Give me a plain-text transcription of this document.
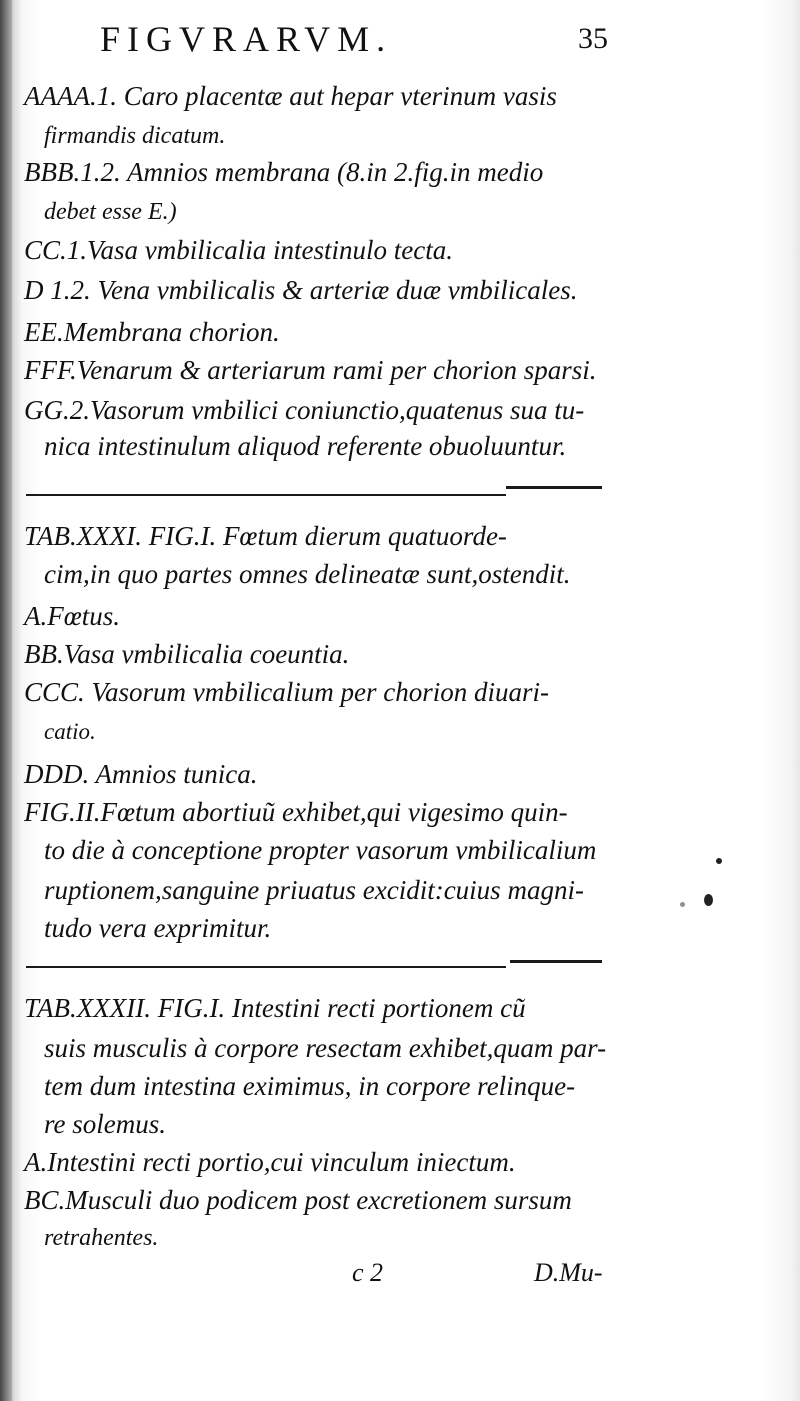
FIGVRARVM.	35
AAAA.1. Caro placentæ aut hepar vterinum vasis
firmandis dicatum.
BBB.1.2. Amnios membrana (8.in 2.fig.in medio
debet esse E.)
CC.1.Vasa vmbilicalia intestinulo tecta.
D 1.2. Vena vmbilicalis & arteriæ duæ vmbilicales.
EE.Membrana chorion.
FFF.Venarum & arteriarum rami per chorion sparsi.
GG.2.Vasorum vmbilici coniunctio,quatenus sua tu-
nica intestinulum aliquod referente obuoluuntur.
TAB.XXXI. FIG.I. Fœtum dierum quatuorde-
cim,in quo partes omnes delineatæ sunt,ostendit.
A.Fœtus.
BB.Vasa vmbilicalia coeuntia.
CCC. Vasorum vmbilicalium per chorion diuari-
catio.
DDD. Amnios tunica.
FIG.II.Fœtum abortiuũ exhibet,qui vigesimo quin-
to die à conceptione propter vasorum vmbilicalium
ruptionem,sanguine priuatus excidit:cuius magni-
tudo vera exprimitur.
TAB.XXXII. FIG.I. Intestini recti portionem cũ
suis musculis à corpore resectam exhibet,quam par-
tem dum intestina eximimus, in corpore relinque-
re solemus.
A.Intestini recti portio,cui vinculum iniectum.
BC.Musculi duo podicem post excretionem sursum
retrahentes.
c 2	D.Mu-
